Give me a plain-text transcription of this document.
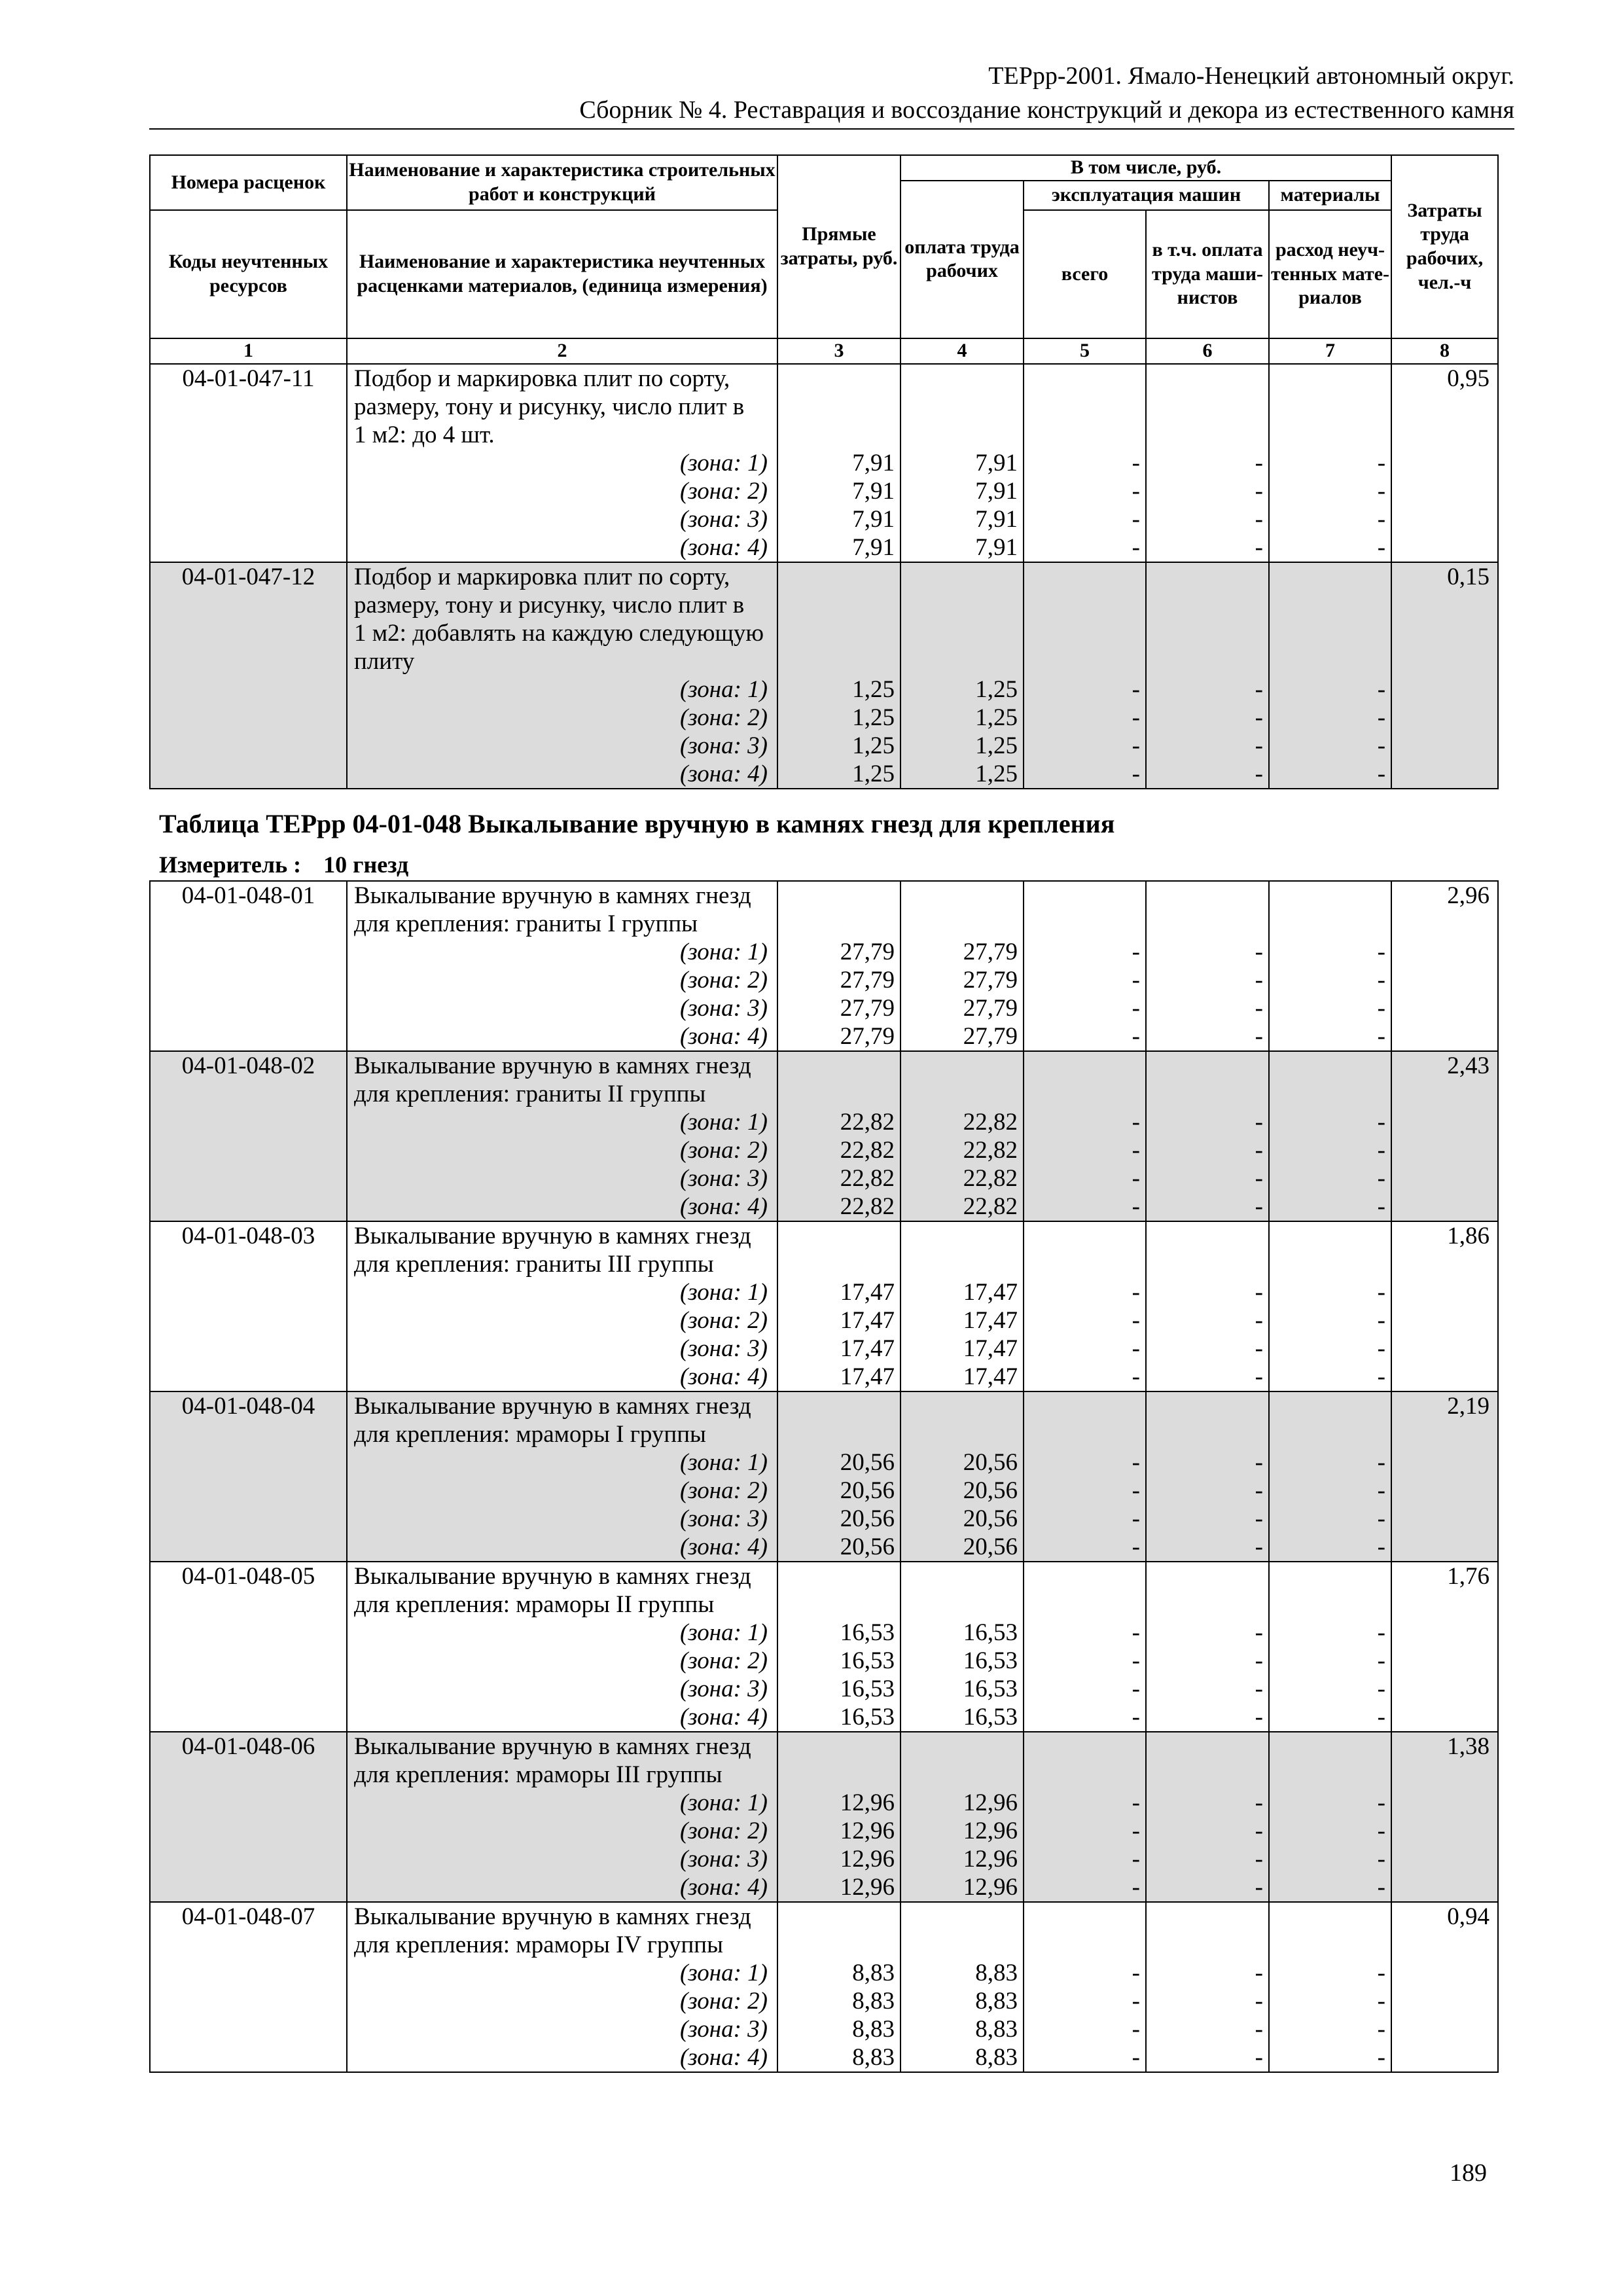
ТЕРрр-2001. Ямало-Ненецкий автономный округ.
Сборник № 4. Реставрация и воссоздание конструкций и декора из естественного камня
Номера расценок	Наименование и характеристика строительных работ и конструкций	Прямые затраты, руб.	В том числе, руб.				Затраты труда рабочих, чел.-ч
			оплата труда рабочих	эксплуатация машин		материалы	
Коды неучтенных ресурсов	Наименование и характеристика неучтенных расценками материалов, (единица измерения)			всего	в т.ч. оплата труда маши-нистов	расход неуч-тенных мате-риалов	
1	2	3	4	5	6	7	8
04-01-047-11	Подбор и маркировка плит по сорту,						0,95
	размеру, тону и рисунку, число плит в						
	1 м2: до 4 шт.						
	(зона: 1)	7,91	7,91	-	-	-	
	(зона: 2)	7,91	7,91	-	-	-	
	(зона: 3)	7,91	7,91	-	-	-	
	(зона: 4)	7,91	7,91	-	-	-	
04-01-047-12	Подбор и маркировка плит по сорту,						0,15
	размеру, тону и рисунку, число плит в						
	1 м2: добавлять на каждую следующую						
	плиту						
	(зона: 1)	1,25	1,25	-	-	-	
	(зона: 2)	1,25	1,25	-	-	-	
	(зона: 3)	1,25	1,25	-	-	-	
	(зона: 4)	1,25	1,25	-	-	-	
Таблица ТЕРрр 04-01-048 Выкалывание вручную в камнях гнезд для крепления
Измеритель : 10 гнезд
04-01-048-01	Выкалывание вручную в камнях гнезд						2,96
	для крепления: граниты I группы						
	(зона: 1)	27,79	27,79	-	-	-	
	(зона: 2)	27,79	27,79	-	-	-	
	(зона: 3)	27,79	27,79	-	-	-	
	(зона: 4)	27,79	27,79	-	-	-	
04-01-048-02	Выкалывание вручную в камнях гнезд						2,43
	для крепления: граниты II группы						
	(зона: 1)	22,82	22,82	-	-	-	
	(зона: 2)	22,82	22,82	-	-	-	
	(зона: 3)	22,82	22,82	-	-	-	
	(зона: 4)	22,82	22,82	-	-	-	
04-01-048-03	Выкалывание вручную в камнях гнезд						1,86
	для крепления: граниты III группы						
	(зона: 1)	17,47	17,47	-	-	-	
	(зона: 2)	17,47	17,47	-	-	-	
	(зона: 3)	17,47	17,47	-	-	-	
	(зона: 4)	17,47	17,47	-	-	-	
04-01-048-04	Выкалывание вручную в камнях гнезд						2,19
	для крепления: мраморы I группы						
	(зона: 1)	20,56	20,56	-	-	-	
	(зона: 2)	20,56	20,56	-	-	-	
	(зона: 3)	20,56	20,56	-	-	-	
	(зона: 4)	20,56	20,56	-	-	-	
04-01-048-05	Выкалывание вручную в камнях гнезд						1,76
	для крепления: мраморы II группы						
	(зона: 1)	16,53	16,53	-	-	-	
	(зона: 2)	16,53	16,53	-	-	-	
	(зона: 3)	16,53	16,53	-	-	-	
	(зона: 4)	16,53	16,53	-	-	-	
04-01-048-06	Выкалывание вручную в камнях гнезд						1,38
	для крепления: мраморы III группы						
	(зона: 1)	12,96	12,96	-	-	-	
	(зона: 2)	12,96	12,96	-	-	-	
	(зона: 3)	12,96	12,96	-	-	-	
	(зона: 4)	12,96	12,96	-	-	-	
04-01-048-07	Выкалывание вручную в камнях гнезд						0,94
	для крепления: мраморы IV группы						
	(зона: 1)	8,83	8,83	-	-	-	
	(зона: 2)	8,83	8,83	-	-	-	
	(зона: 3)	8,83	8,83	-	-	-	
	(зона: 4)	8,83	8,83	-	-	-	
189
